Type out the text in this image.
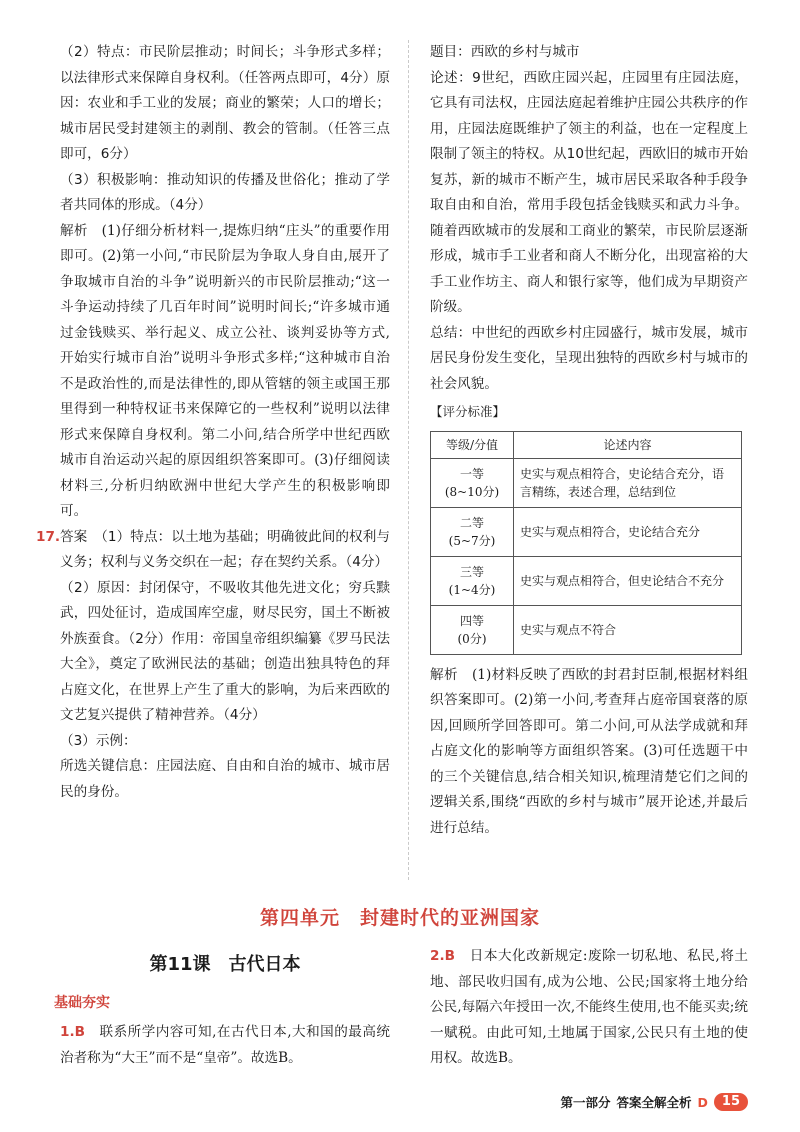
（2）特点：市民阶层推动；时间长；斗争形式多样；以法律形式来保障自身权利。（任答两点即可，4分）原因：农业和手工业的发展；商业的繁荣；人口的增长；城市居民受封建领主的剥削、教会的管制。（任答三点即可，6分）

（3）积极影响：推动知识的传播及世俗化；推动了学者共同体的形成。（4分）

解析　(1)仔细分析材料一,提炼归纳“庄头”的重要作用即可。(2)第一小问,“市民阶层为争取人身自由,展开了争取城市自治的斗争”说明新兴的市民阶层推动;“这一斗争运动持续了几百年时间”说明时间长;“许多城市通过金钱赎买、举行起义、成立公社、谈判妥协等方式,开始实行城市自治”说明斗争形式多样;“这种城市自治不是政治性的,而是法律性的,即从管辖的领主或国王那里得到一种特权证书来保障它的一些权利”说明以法律形式来保障自身权利。第二小问,结合所学中世纪西欧城市自治运动兴起的原因组织答案即可。(3)仔细阅读材料三,分析归纳欧洲中世纪大学产生的积极影响即可。

17. 答案　（1）特点：以土地为基础；明确彼此间的权利与义务；权利与义务交织在一起；存在契约关系。（4分）

（2）原因：封闭保守，不吸收其他先进文化；穷兵黩武，四处征讨，造成国库空虚，财尽民穷，国土不断被外族蚕食。（2分）作用：帝国皇帝组织编纂《罗马民法大全》，奠定了欧洲民法的基础；创造出独具特色的拜占庭文化，在世界上产生了重大的影响，为后来西欧的文艺复兴提供了精神营养。（4分）

（3）示例：

所选关键信息：庄园法庭、自由和自治的城市、城市居民的身份。

题目：西欧的乡村与城市

论述：9世纪，西欧庄园兴起，庄园里有庄园法庭，它具有司法权，庄园法庭起着维护庄园公共秩序的作用，庄园法庭既维护了领主的利益，也在一定程度上限制了领主的特权。从10世纪起，西欧旧的城市开始复苏，新的城市不断产生，城市居民采取各种手段争取自由和自治，常用手段包括金钱赎买和武力斗争。随着西欧城市的发展和工商业的繁荣，市民阶层逐渐形成，城市手工业者和商人不断分化，出现富裕的大手工业作坊主、商人和银行家等，他们成为早期资产阶级。

总结：中世纪的西欧乡村庄园盛行，城市发展，城市居民身份发生变化，呈现出独特的西欧乡村与城市的社会风貌。

【评分标准】
等级/分值	论述内容
一等
(8~10分)	史实与观点相符合，史论结合充分，语言精练，表述合理，总结到位
二等
(5~7分)	史实与观点相符合，史论结合充分
三等
(1~4分)	史实与观点相符合，但史论结合不充分
四等
(0分)	史实与观点不符合

解析　(1)材料反映了西欧的封君封臣制,根据材料组织答案即可。(2)第一小问,考查拜占庭帝国衰落的原因,回顾所学回答即可。第二小问,可从法学成就和拜占庭文化的影响等方面组织答案。(3)可任选题干中的三个关键信息,结合相关知识,梳理清楚它们之间的逻辑关系,围绕“西欧的乡村与城市”展开论述,并最后进行总结。

第四单元　封建时代的亚洲国家
第11课　古代日本
基础夯实
1.B　 联系所学内容可知,在古代日本,大和国的最高统治者称为“大王”而不是“皇帝”。故选B。
2.B　 日本大化改新规定:废除一切私地、私民,将土地、部民收归国有,成为公地、公民;国家将土地分给公民,每隔六年授田一次,不能终生使用,也不能买卖;统一赋税。由此可知,土地属于国家,公民只有土地的使用权。故选B。
第一部分 答案全解全析 D	15
